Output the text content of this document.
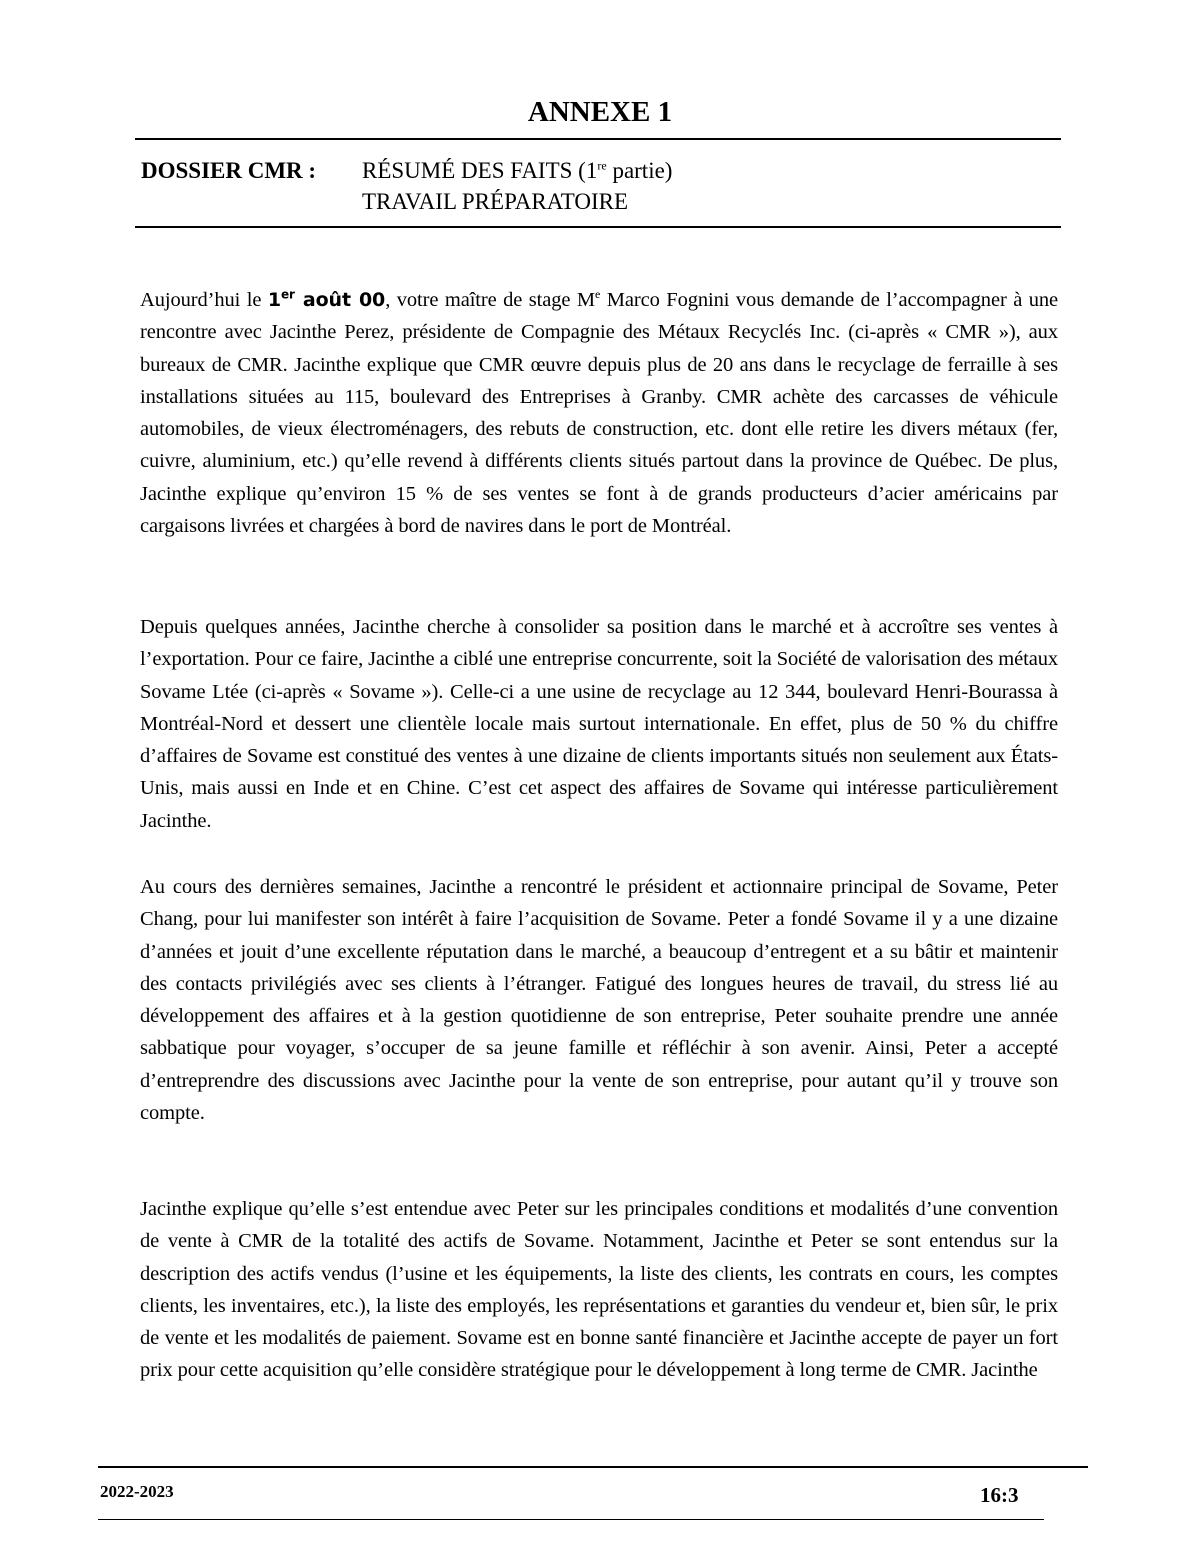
ANNEXE 1
DOSSIER CMR : RÉSUMÉ DES FAITS (1re partie)
TRAVAIL PRÉPARATOIRE
Aujourd’hui le 1er août 00, votre maître de stage Me Marco Fognini vous demande de l’accompagner à une rencontre avec Jacinthe Perez, présidente de Compagnie des Métaux Recyclés Inc. (ci-après « CMR »), aux bureaux de CMR. Jacinthe explique que CMR œuvre depuis plus de 20 ans dans le recyclage de ferraille à ses installations situées au 115, boulevard des Entreprises à Granby. CMR achète des carcasses de véhicule automobiles, de vieux électroménagers, des rebuts de construction, etc. dont elle retire les divers métaux (fer, cuivre, aluminium, etc.) qu’elle revend à différents clients situés partout dans la province de Québec. De plus, Jacinthe explique qu’environ 15 % de ses ventes se font à de grands producteurs d’acier américains par cargaisons livrées et chargées à bord de navires dans le port de Montréal.
Depuis quelques années, Jacinthe cherche à consolider sa position dans le marché et à accroître ses ventes à l’exportation. Pour ce faire, Jacinthe a ciblé une entreprise concurrente, soit la Société de valorisation des métaux Sovame Ltée (ci-après « Sovame »). Celle-ci a une usine de recyclage au 12 344, boulevard Henri-Bourassa à Montréal-Nord et dessert une clientèle locale mais surtout internationale. En effet, plus de 50 % du chiffre d’affaires de Sovame est constitué des ventes à une dizaine de clients importants situés non seulement aux États-Unis, mais aussi en Inde et en Chine. C’est cet aspect des affaires de Sovame qui intéresse particulièrement Jacinthe.
Au cours des dernières semaines, Jacinthe a rencontré le président et actionnaire principal de Sovame, Peter Chang, pour lui manifester son intérêt à faire l’acquisition de Sovame. Peter a fondé Sovame il y a une dizaine d’années et jouit d’une excellente réputation dans le marché, a beaucoup d’entregent et a su bâtir et maintenir des contacts privilégiés avec ses clients à l’étranger. Fatigué des longues heures de travail, du stress lié au développement des affaires et à la gestion quotidienne de son entreprise, Peter souhaite prendre une année sabbatique pour voyager, s’occuper de sa jeune famille et réfléchir à son avenir. Ainsi, Peter a accepté d’entreprendre des discussions avec Jacinthe pour la vente de son entreprise, pour autant qu’il y trouve son compte.
Jacinthe explique qu’elle s’est entendue avec Peter sur les principales conditions et modalités d’une convention de vente à CMR de la totalité des actifs de Sovame. Notamment, Jacinthe et Peter se sont entendus sur la description des actifs vendus (l’usine et les équipements, la liste des clients, les contrats en cours, les comptes clients, les inventaires, etc.), la liste des employés, les représentations et garanties du vendeur et, bien sûr, le prix de vente et les modalités de paiement. Sovame est en bonne santé financière et Jacinthe accepte de payer un fort prix pour cette acquisition qu’elle considère stratégique pour le développement à long terme de CMR. Jacinthe
2022-2023	16:3
